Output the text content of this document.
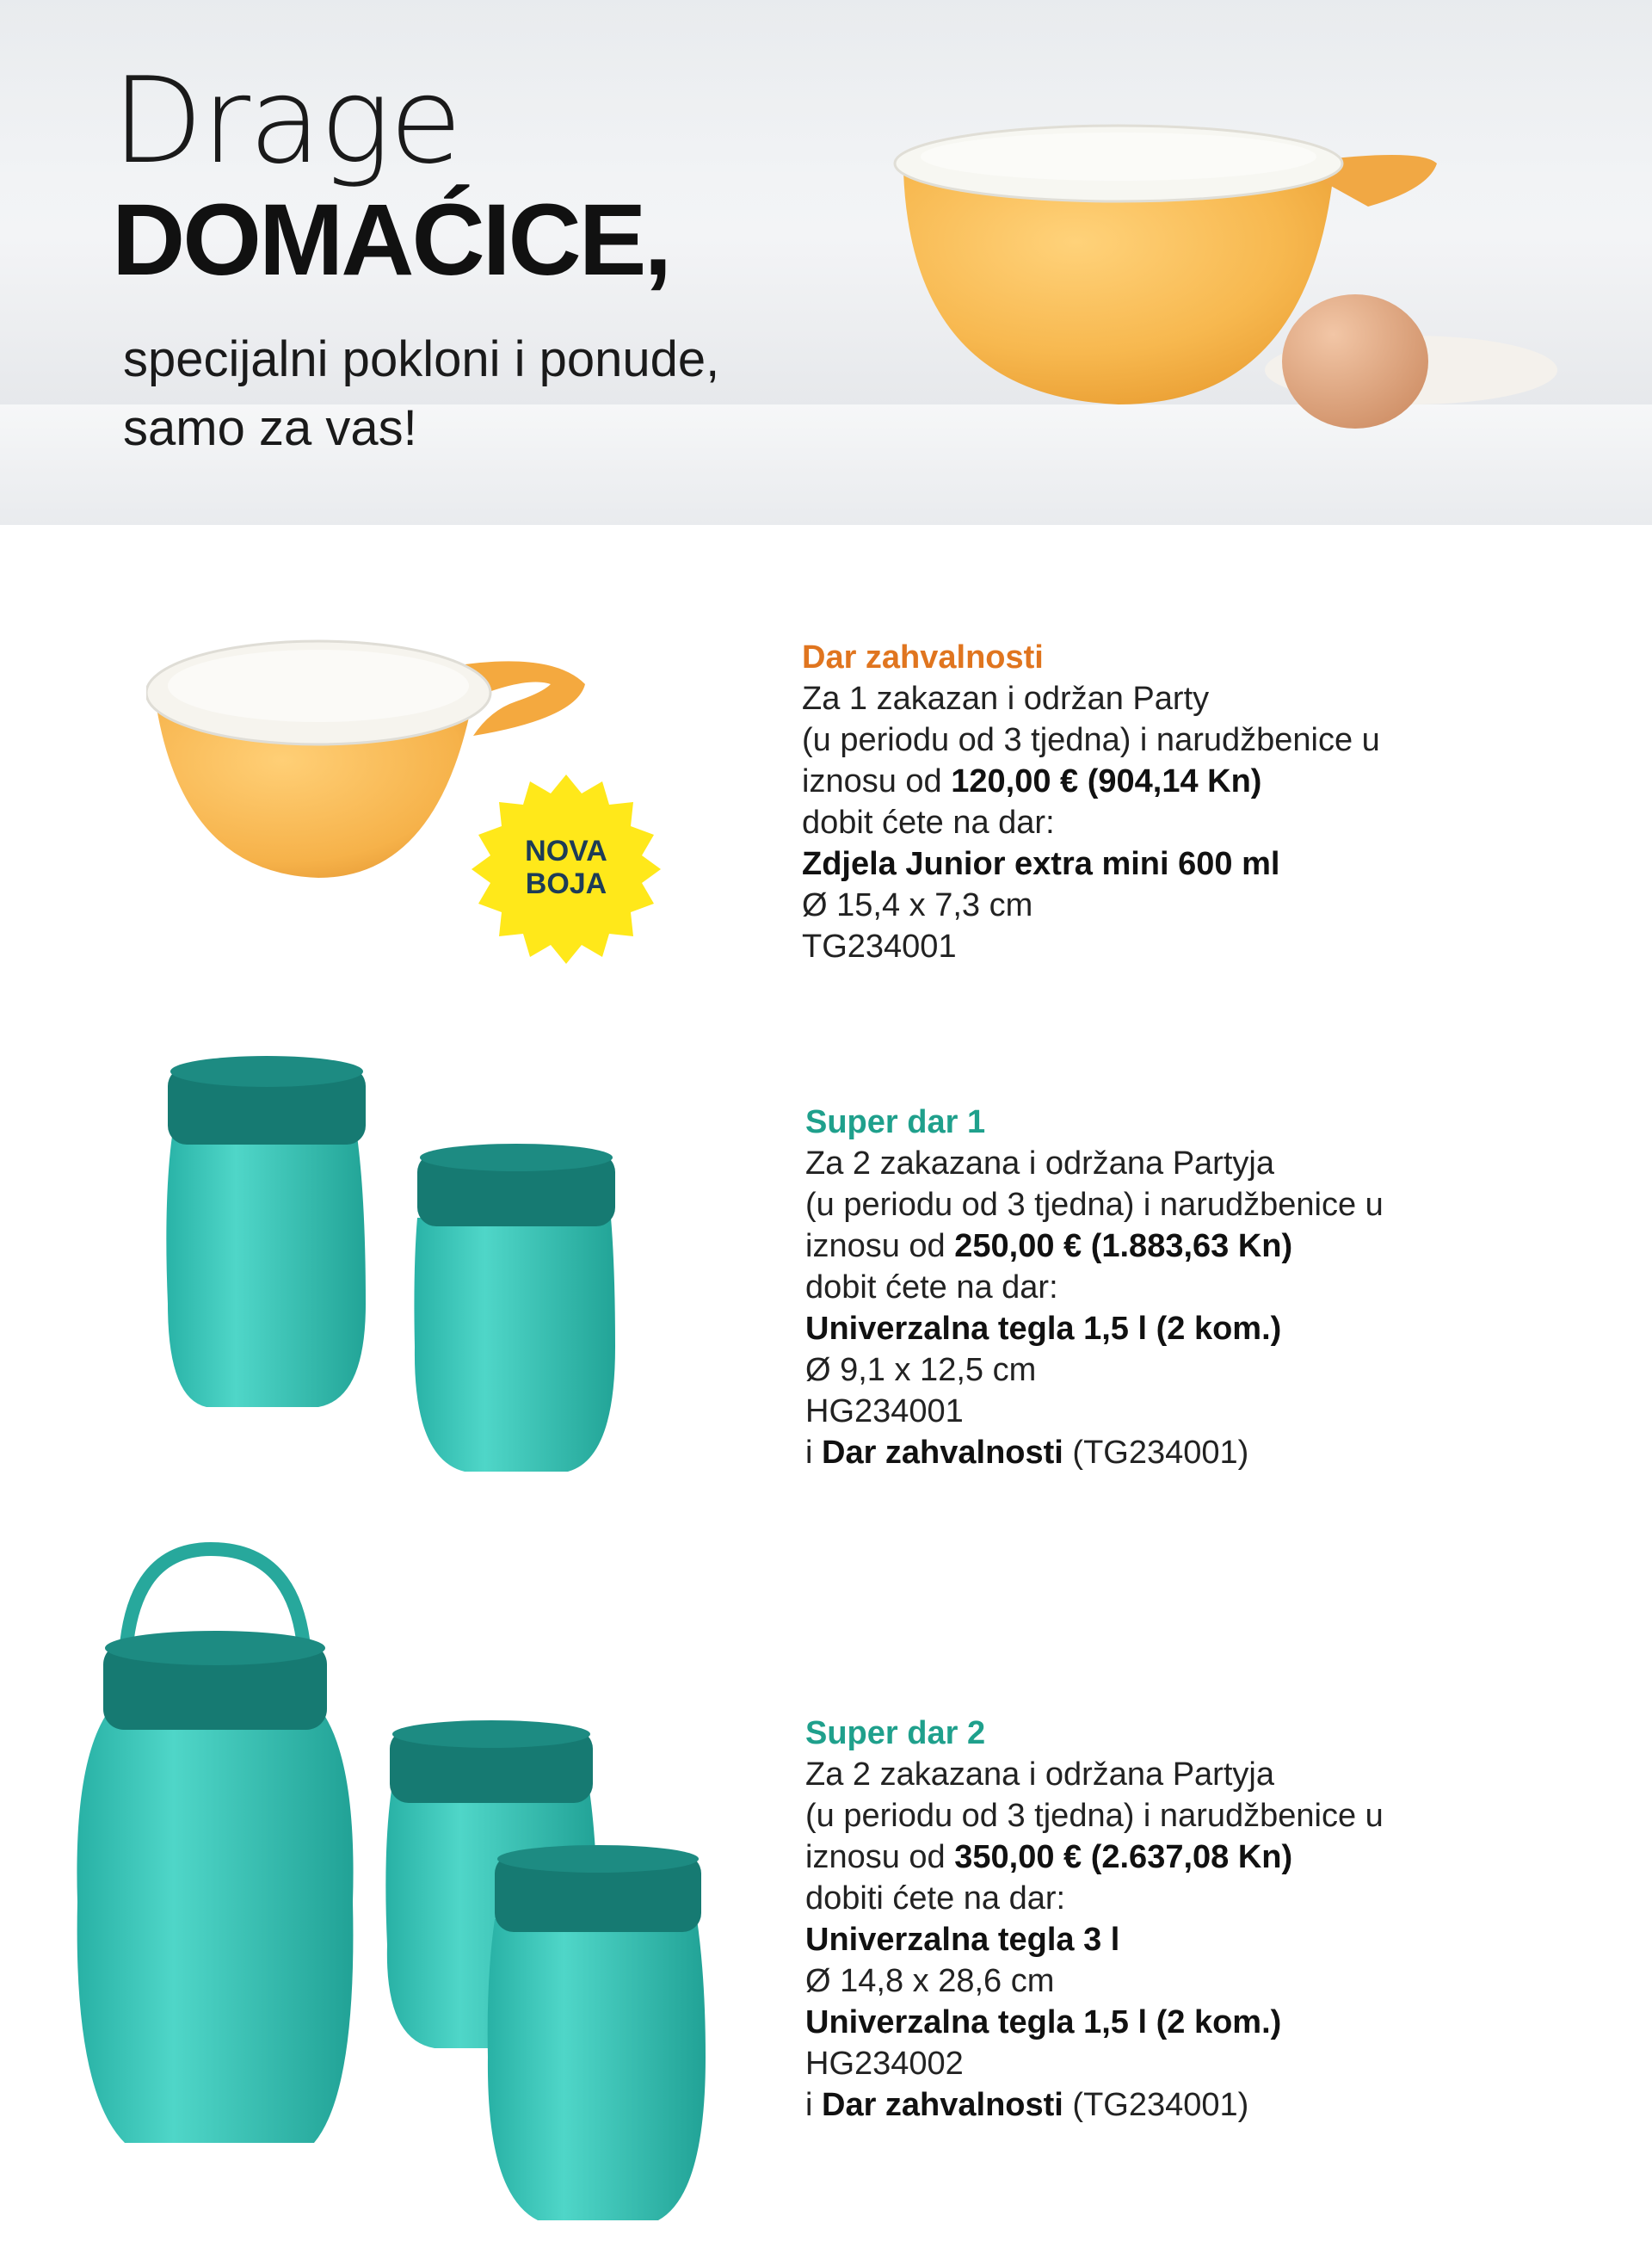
Drage
DOMAĆICE,
specijalni pokloni i ponude,
samo za vas!
NOVA
BOJA
Dar zahvalnosti
Za 1 zakazan i održan Party
(u periodu od 3 tjedna) i narudžbenice u
iznosu od 120,00 € (904,14 Kn)
dobit ćete na dar:
Zdjela Junior extra mini 600 ml
Ø 15,4 x 7,3 cm
TG234001
Super dar 1
Za 2 zakazana i održana Partyja
(u periodu od 3 tjedna) i narudžbenice u
iznosu od 250,00 € (1.883,63 Kn)
dobit ćete na dar:
Univerzalna tegla 1,5 l (2 kom.)
Ø 9,1 x 12,5 cm
HG234001
i Dar zahvalnosti (TG234001)
Super dar 2
Za 2 zakazana i održana Partyja
(u periodu od 3 tjedna) i narudžbenice u
iznosu od 350,00 € (2.637,08 Kn)
dobiti ćete na dar:
Univerzalna tegla 3 l
Ø 14,8 x 28,6 cm
Univerzalna tegla 1,5 l (2 kom.)
HG234002
i Dar zahvalnosti (TG234001)
